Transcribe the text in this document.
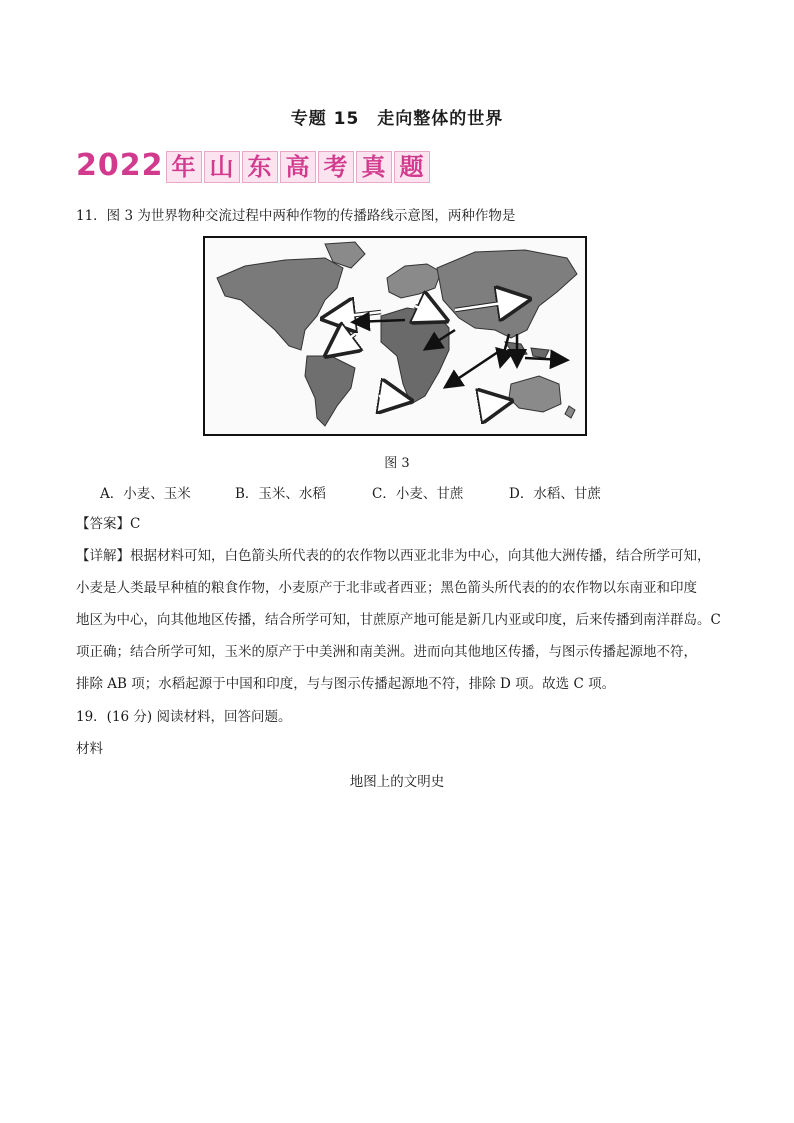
专题 15　走向整体的世界
2022 年 山 东 高 考 真 题
11．图 3 为世界物种交流过程中两种作物的传播路线示意图，两种作物是
图 3
A．小麦、玉米	B．玉米、水稻	C．小麦、甘蔗	D．水稻、甘蔗
【答案】C
【详解】根据材料可知，白色箭头所代表的的农作物以西亚北非为中心，向其他大洲传播，结合所学可知，
小麦是人类最早种植的粮食作物，小麦原产于北非或者西亚；黑色箭头所代表的的农作物以东南亚和印度
地区为中心，向其他地区传播，结合所学可知，甘蔗原产地可能是新几内亚或印度，后来传播到南洋群岛。C
项正确；结合所学可知，玉米的原产于中美洲和南美洲。进而向其他地区传播，与图示传播起源地不符，
排除 AB 项；水稻起源于中国和印度，与与图示传播起源地不符，排除 D 项。故选 C 项。
19．(16 分) 阅读材料，回答问题。
材料
地图上的文明史
